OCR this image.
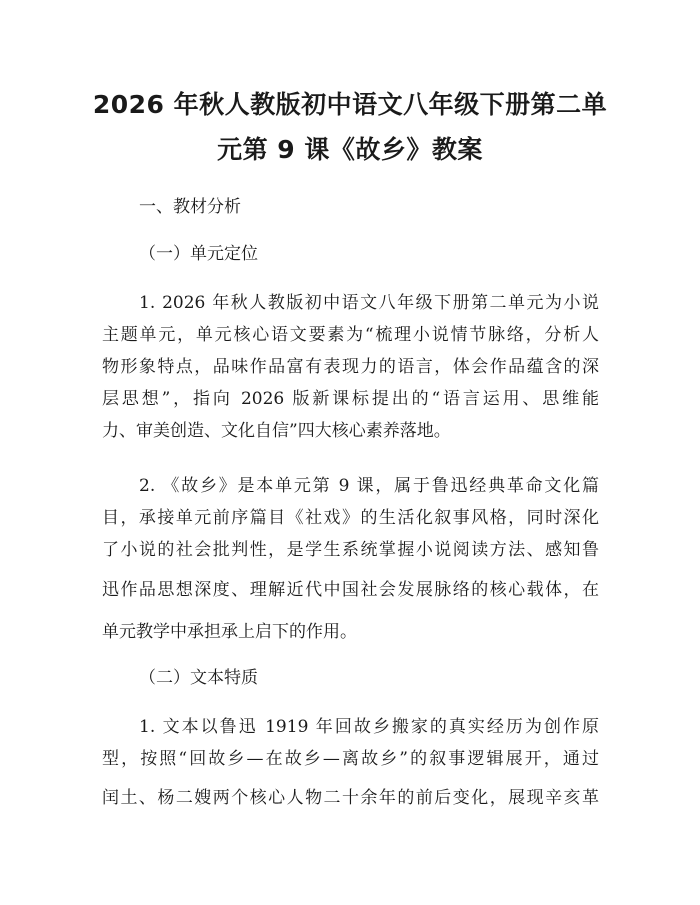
2026 年秋人教版初中语文八年级下册第二单
元第 9 课《故乡》教案

一、教材分析

（一）单元定位

1. 2026 年秋人教版初中语文八年级下册第二单元为小说

主题单元，单元核心语文要素为“梳理小说情节脉络，分析人

物形象特点，品味作品富有表现力的语言，体会作品蕴含的深

层思想”，指向 2026 版新课标提出的“语言运用、思维能

力、审美创造、文化自信”四大核心素养落地。

2. 《故乡》是本单元第 9 课，属于鲁迅经典革命文化篇

目，承接单元前序篇目《社戏》的生活化叙事风格，同时深化

了小说的社会批判性，是学生系统掌握小说阅读方法、感知鲁

迅作品思想深度、理解近代中国社会发展脉络的核心载体，在

单元教学中承担承上启下的作用。

（二）文本特质

1. 文本以鲁迅 1919 年回故乡搬家的真实经历为创作原

型，按照“回故乡—在故乡—离故乡”的叙事逻辑展开，通过

闰土、杨二嫂两个核心人物二十余年的前后变化，展现辛亥革
